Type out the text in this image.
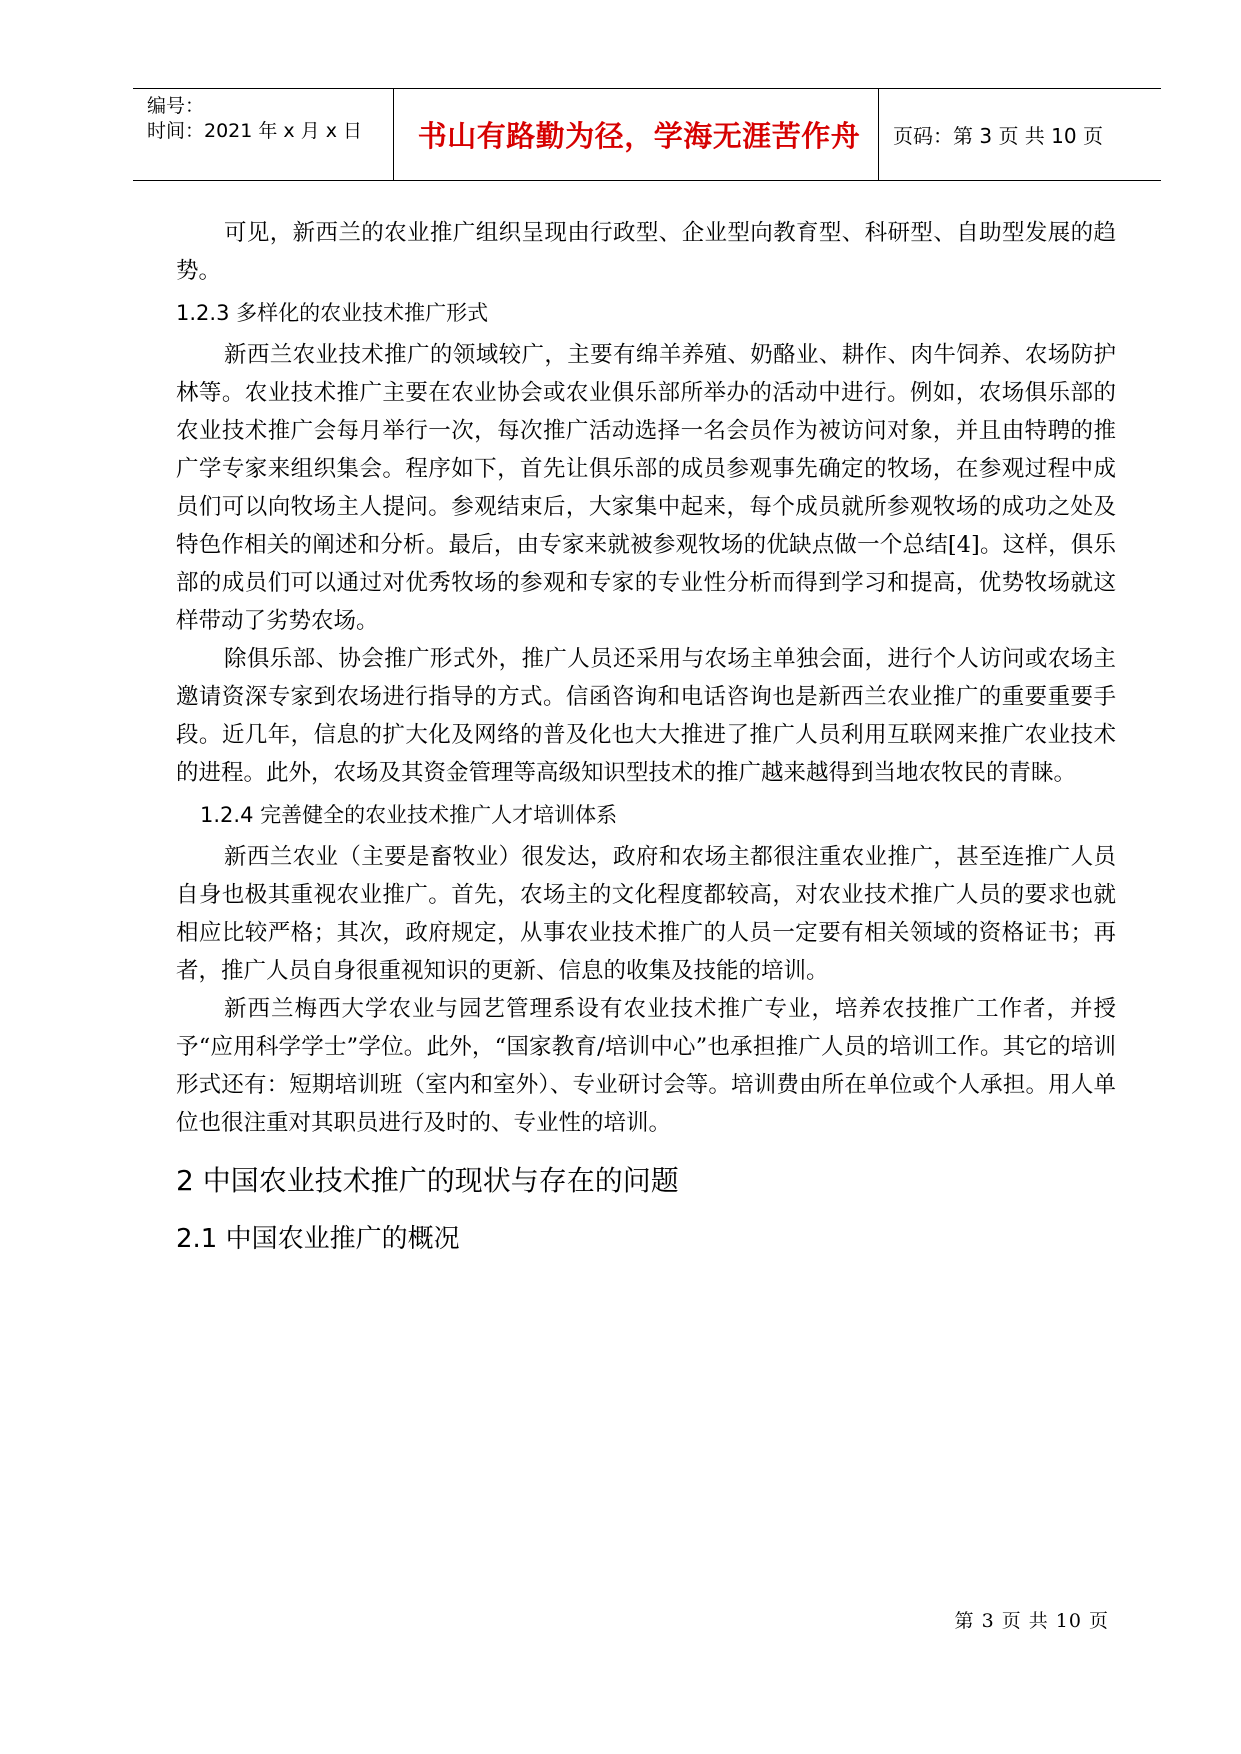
编号：
时间：2021 年 x 月 x 日	书山有路勤为径，学海无涯苦作舟	页码：第 3 页 共 10 页

可见，新西兰的农业推广组织呈现由行政型、企业型向教育型、科研型、自助型发展的趋势。

1.2.3 多样化的农业技术推广形式

新西兰农业技术推广的领域较广，主要有绵羊养殖、奶酪业、耕作、肉牛饲养、农场防护林等。农业技术推广主要在农业协会或农业俱乐部所举办的活动中进行。例如，农场俱乐部的农业技术推广会每月举行一次，每次推广活动选择一名会员作为被访问对象，并且由特聘的推广学专家来组织集会。程序如下，首先让俱乐部的成员参观事先确定的牧场，在参观过程中成员们可以向牧场主人提问。参观结束后，大家集中起来，每个成员就所参观牧场的成功之处及特色作相关的阐述和分析。最后，由专家来就被参观牧场的优缺点做一个总结[4]。这样，俱乐部的成员们可以通过对优秀牧场的参观和专家的专业性分析而得到学习和提高，优势牧场就这样带动了劣势农场。

除俱乐部、协会推广形式外，推广人员还采用与农场主单独会面，进行个人访问或农场主邀请资深专家到农场进行指导的方式。信函咨询和电话咨询也是新西兰农业推广的重要重要手段。近几年，信息的扩大化及网络的普及化也大大推进了推广人员利用互联网来推广农业技术的进程。此外，农场及其资金管理等高级知识型技术的推广越来越得到当地农牧民的青睐。

1.2.4 完善健全的农业技术推广人才培训体系

新西兰农业（主要是畜牧业）很发达，政府和农场主都很注重农业推广，甚至连推广人员自身也极其重视农业推广。首先，农场主的文化程度都较高，对农业技术推广人员的要求也就相应比较严格；其次，政府规定，从事农业技术推广的人员一定要有相关领域的资格证书；再者，推广人员自身很重视知识的更新、信息的收集及技能的培训。

新西兰梅西大学农业与园艺管理系设有农业技术推广专业，培养农技推广工作者，并授予“应用科学学士”学位。此外，“国家教育/培训中心”也承担推广人员的培训工作。其它的培训形式还有：短期培训班（室内和室外）、专业研讨会等。培训费由所在单位或个人承担。用人单位也很注重对其职员进行及时的、专业性的培训。

2 中国农业技术推广的现状与存在的问题
2.1 中国农业推广的概况
第 3 页 共 10 页
